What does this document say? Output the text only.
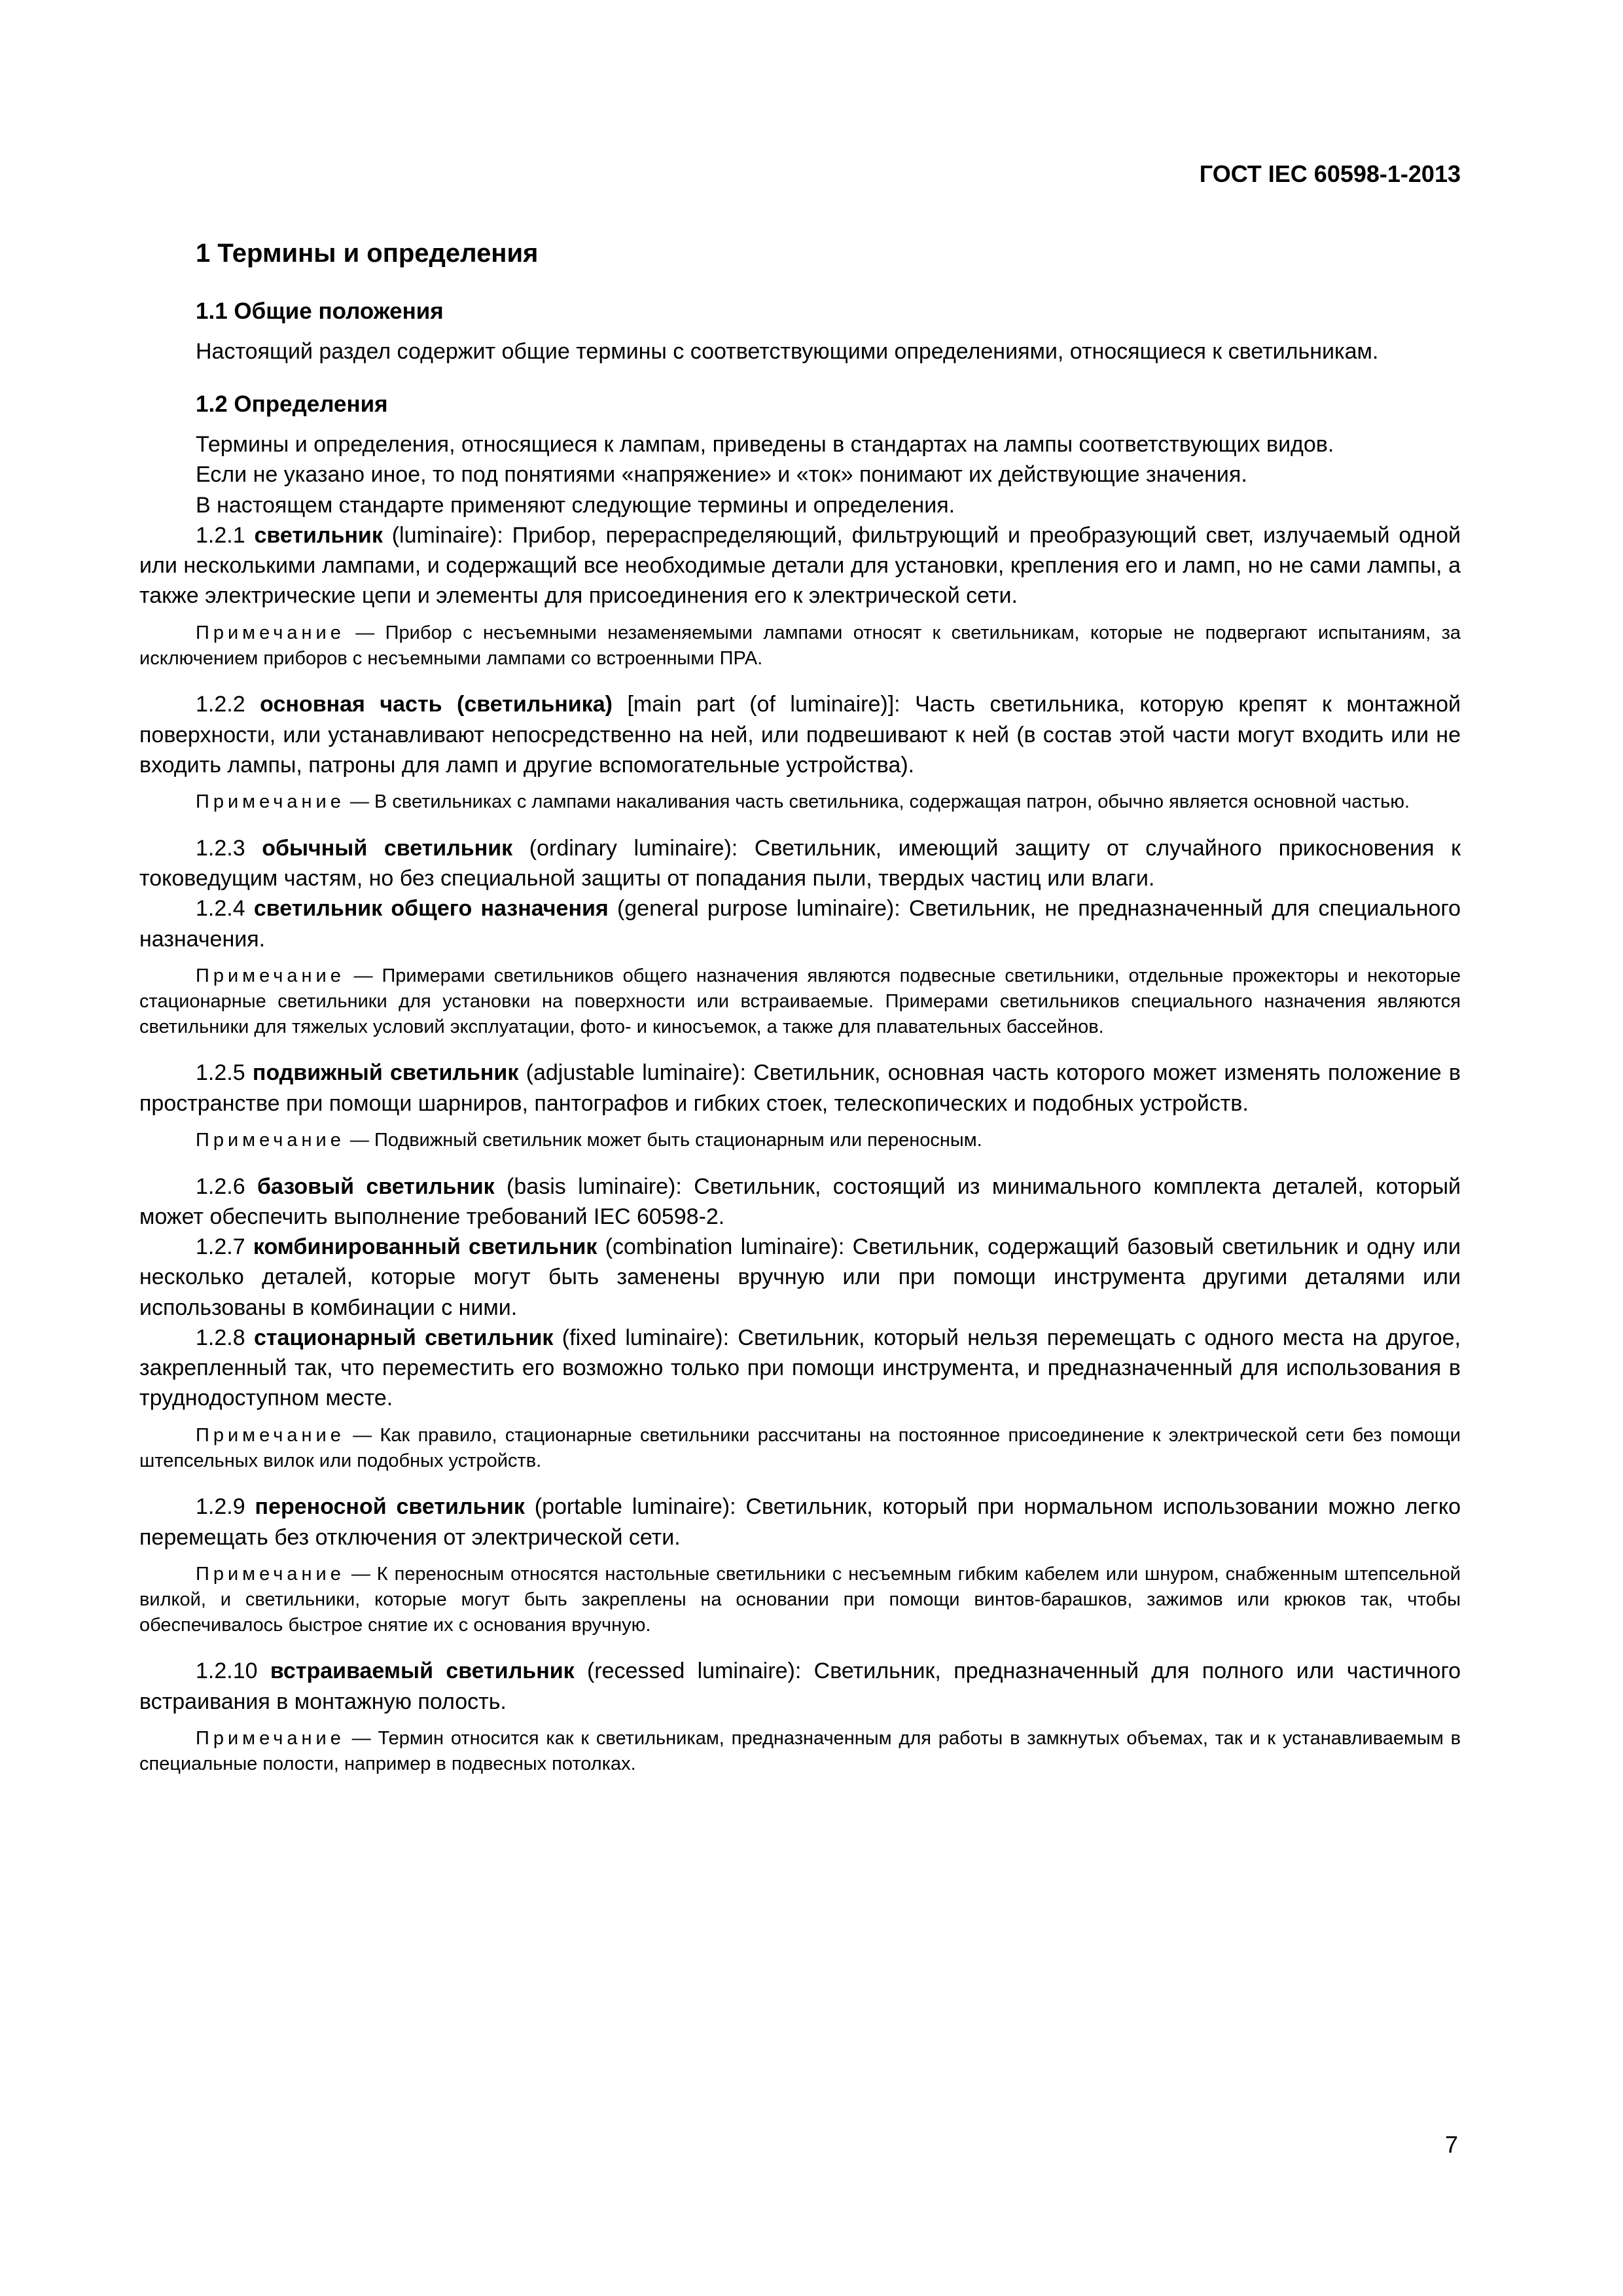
ГОСТ IEC 60598-1-2013
1 Термины и определения
1.1 Общие положения

Настоящий раздел содержит общие термины с соответствующими определениями, относящиеся к светильникам.

1.2 Определения

Термины и определения, относящиеся к лампам, приведены в стандартах на лампы соответствующих видов.

Если не указано иное, то под понятиями «напряжение» и «ток» понимают их действующие значения.

В настоящем стандарте применяют следующие термины и определения.

1.2.1 светильник (luminaire): Прибор, перераспределяющий, фильтрующий и преобразующий свет, излучаемый одной или несколькими лампами, и содержащий все необходимые детали для установки, крепления его и ламп, но не сами лампы, а также электрические цепи и элементы для присоединения его к электрической сети.

Примечание — Прибор с несъемными незаменяемыми лампами относят к светильникам, которые не подвергают испытаниям, за исключением приборов с несъемными лампами со встроенными ПРА.

1.2.2 основная часть (светильника) [main part (of luminaire)]: Часть светильника, которую крепят к монтажной поверхности, или устанавливают непосредственно на ней, или подвешивают к ней (в состав этой части могут входить или не входить лампы, патроны для ламп и другие вспомогательные устройства).

Примечание — В светильниках с лампами накаливания часть светильника, содержащая патрон, обычно является основной частью.

1.2.3 обычный светильник (ordinary luminaire): Светильник, имеющий защиту от случайного прикосновения к токоведущим частям, но без специальной защиты от попадания пыли, твердых частиц или влаги.

1.2.4 светильник общего назначения (general purpose luminaire): Светильник, не предназначенный для специального назначения.

Примечание — Примерами светильников общего назначения являются подвесные светильники, отдельные прожекторы и некоторые стационарные светильники для установки на поверхности или встраиваемые. Примерами светильников специального назначения являются светильники для тяжелых условий эксплуатации, фото- и киносъемок, а также для плавательных бассейнов.

1.2.5 подвижный светильник (adjustable luminaire): Светильник, основная часть которого может изменять положение в пространстве при помощи шарниров, пантографов и гибких стоек, телескопических и подобных устройств.

Примечание — Подвижный светильник может быть стационарным или переносным.

1.2.6 базовый светильник (basis luminaire): Светильник, состоящий из минимального комплекта деталей, который может обеспечить выполнение требований IEC 60598-2.

1.2.7 комбинированный светильник (combination luminaire): Светильник, содержащий базовый светильник и одну или несколько деталей, которые могут быть заменены вручную или при помощи инструмента другими деталями или использованы в комбинации с ними.

1.2.8 стационарный светильник (fixed luminaire): Светильник, который нельзя перемещать с одного места на другое, закрепленный так, что переместить его возможно только при помощи инструмента, и предназначенный для использования в труднодоступном месте.

Примечание — Как правило, стационарные светильники рассчитаны на постоянное присоединение к электрической сети без помощи штепсельных вилок или подобных устройств.

1.2.9 переносной светильник (portable luminaire): Светильник, который при нормальном использовании можно легко перемещать без отключения от электрической сети.

Примечание — К переносным относятся настольные светильники с несъемным гибким кабелем или шнуром, снабженным штепсельной вилкой, и светильники, которые могут быть закреплены на основании при помощи винтов-барашков, зажимов или крюков так, чтобы обеспечивалось быстрое снятие их с основания вручную.

1.2.10 встраиваемый светильник (recessed luminaire): Светильник, предназначенный для полного или частичного встраивания в монтажную полость.

Примечание — Термин относится как к светильникам, предназначенным для работы в замкнутых объемах, так и к устанавливаемым в специальные полости, например в подвесных потолках.

7
